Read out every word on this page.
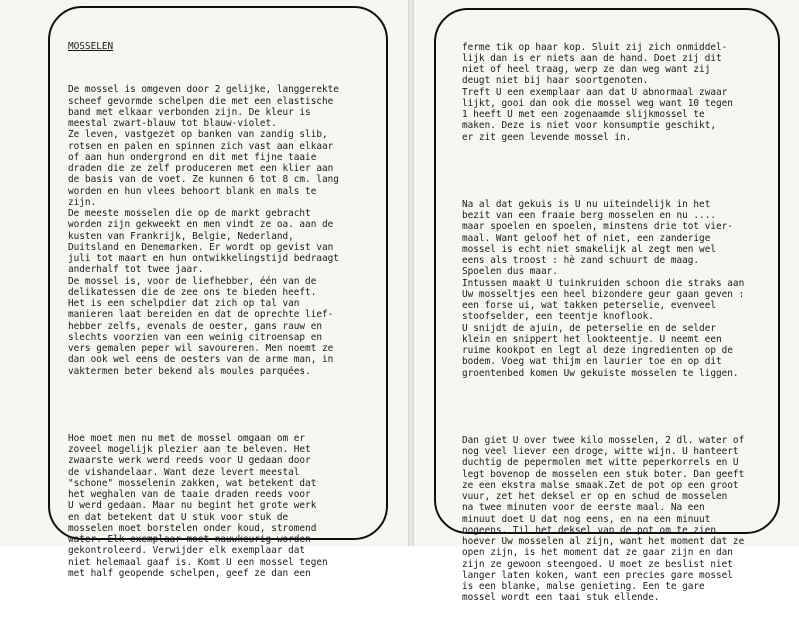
MOSSELEN

De mossel is omgeven door 2 gelijke, langgerekte
scheef gevormde schelpen die met een elastische
band met elkaar verbonden zijn. De kleur is
meestal zwart-blauw tot blauw-violet.
Ze leven, vastgezet op banken van zandig slib,
rotsen en palen en spinnen zich vast aan elkaar
of aan hun ondergrond en dit met fijne taaie
draden die ze zelf produceren met een klier aan
de basis van de voet. Ze kunnen 6 tot 8 cm. lang
worden en hun vlees behoort blank en mals te
zijn.
De meeste mosselen die op de markt gebracht
worden zijn gekweekt en men vindt ze oa. aan de
kusten van Frankrijk, Belgie, Nederland,
Duitsland en Denemarken. Er wordt op gevist van
juli tot maart en hun ontwikkelingstijd bedraagt
anderhalf tot twee jaar.
De mossel is, voor de liefhebber, één van de
delikatessen die de zee ons te bieden heeft.
Het is een schelpdier dat zich op tal van
manieren laat bereiden en dat de oprechte lief-
hebber zelfs, evenals de oester, gans rauw en
slechts voorzien van een weinig citroensap en
vers gemalen peper wil savoureren. Men noemt ze
dan ook wel eens de oesters van de arme man, in
vaktermen beter bekend als moules parquées.

Hoe moet men nu met de mossel omgaan om er
zoveel mogelijk plezier aan te beleven. Het
zwaarste werk werd reeds voor U gedaan door
de vishandelaar. Want deze levert meestal
"schone" mosselenin zakken, wat betekent dat
het weghalen van de taaie draden reeds voor
U werd gedaan. Maar nu begint het grote werk
en dat betekent dat U stuk voor stuk de
mosselen moet borstelen onder koud, stromend
water. Elk exemplaar moet nauwkeurig worden
gekontroleerd. Verwijder elk exemplaar dat
niet helemaal gaaf is. Komt U een mossel tegen
met half geopende schelpen, geef ze dan een

ferme tik op haar kop. Sluit zij zich onmiddel-
lijk dan is er niets aan de hand. Doet zij dit
niet of heel traag, werp ze dan weg want zij
deugt niet bij haar soortgenoten.
Treft U een exemplaar aan dat U abnormaal zwaar
lijkt, gooi dan ook die mossel weg want 10 tegen
1 heeft U met een zogenaamde slijkmossel te
maken. Deze is niet voor konsumptie geschikt,
er zit geen levende mossel in.

Na al dat gekuis is U nu uiteindelijk in het
bezit van een fraaie berg mosselen en nu ....
maar spoelen en spoelen, minstens drie tot vier-
maal. Want geloof het of niet, een zanderige
mossel is echt niet smakelijk al zegt men wel
eens als troost : hè zand schuurt de maag.
Spoelen dus maar.
Intussen maakt U tuinkruiden schoon die straks aan
Uw mosseltjes een heel bizondere geur gaan geven :
een forse ui, wat takken peterselie, evenveel
stoofselder, een teentje knoflook.
U snijdt de ajuin, de peterselie en de selder
klein en snippert het lookteentje. U neemt een
ruime kookpot en legt al deze ingredienten op de
bodem. Voeg wat thijm en laurier toe en op dit
groentenbed komen Uw gekuiste mosselen te liggen.

Dan giet U over twee kilo mosselen, 2 dl. water of
nog veel liever een droge, witte wijn. U hanteert
duchtig de pepermolen met witte peperkorrels en U
legt bovenop de mosselen een stuk boter. Dan geeft
ze een ekstra malse smaak.Zet de pot op een groot
vuur, zet het deksel er op en schud de mosselen
na twee minuten voor de eerste maal. Na een
minuut doet U dat nog eens, en na een minuut
nogeens. Til het deksel van de pot om te zien
hoever Uw mosselen al zijn, want het moment dat ze
open zijn, is het moment dat ze gaar zijn en dan
zijn ze gewoon steengoed. U moet ze beslist niet
langer laten koken, want een precies gare mossel
is een blanke, malse genieting. Een te gare
mossel wordt een taai stuk ellende.
